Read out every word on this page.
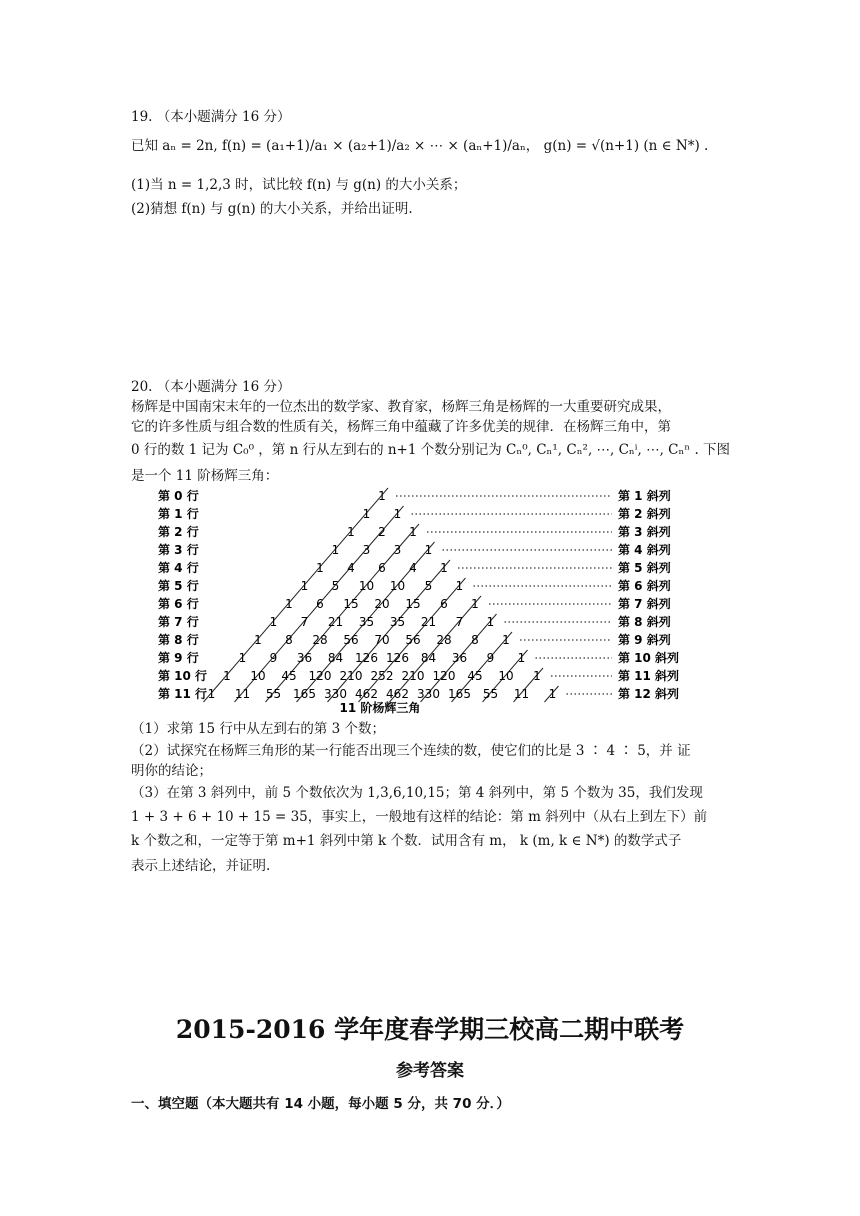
19. （本小题满分 16 分）
已知 aₙ = 2n, f(n) = (a₁+1)/a₁ × (a₂+1)/a₂ × ⋯ × (aₙ+1)/aₙ， g(n) = √(n+1) (n ∈ N*) .
(1)当 n = 1,2,3 时，试比较 f(n) 与 g(n) 的大小关系；
(2)猜想 f(n) 与 g(n) 的大小关系，并给出证明.
20. （本小题满分 16 分）
杨辉是中国南宋末年的一位杰出的数学家、教育家，杨辉三角是杨辉的一大重要研究成果，
它的许多性质与组合数的性质有关，杨辉三角中蕴藏了许多优美的规律．在杨辉三角中，第
0 行的数 1 记为 C₀⁰ ，第 n 行从左到右的 n+1 个数分别记为 Cₙ⁰, Cₙ¹, Cₙ², ⋯, Cₙⁱ, ⋯, Cₙⁿ . 下图
是一个 11 阶杨辉三角：
第 0 行
第 1 行
第 2 行
第 3 行
第 4 行
第 5 行
第 6 行
第 7 行
第 8 行
第 9 行
第 10 行
第 11 行
1
1 1
1 2 1
1 3 3 1
1 4 6 4 1
1 5 10 10 5 1
1 6 15 20 15 6 1
1 7 21 35 35 21 7 1
1 8 28 56 70 56 28 8 1
1 9 36 84 126 126 84 36 9 1
1 10 45 120 210 252 210 120 45 10 1
1 11 55 165 330 462 462 330 165 55 11 1
第 1 斜列
第 2 斜列
第 3 斜列
第 4 斜列
第 5 斜列
第 6 斜列
第 7 斜列
第 8 斜列
第 9 斜列
第 10 斜列
第 11 斜列
第 12 斜列
11 阶杨辉三角
（1）求第 15 行中从左到右的第 3 个数；
（2）试探究在杨辉三角形的某一行能否出现三个连续的数，使它们的比是 3 ∶ 4 ∶ 5，并 证
明你的结论；
（3）在第 3 斜列中，前 5 个数依次为 1,3,6,10,15；第 4 斜列中，第 5 个数为 35，我们发现
1 + 3 + 6 + 10 + 15 = 35，事实上，一般地有这样的结论：第 m 斜列中（从右上到左下）前
k 个数之和，一定等于第 m+1 斜列中第 k 个数．试用含有 m， k (m, k ∈ N*) 的数学式子
表示上述结论，并证明.
2015-2016 学年度春学期三校高二期中联考
参考答案
一、填空题（本大题共有 14 小题，每小题 5 分，共 70 分．）
